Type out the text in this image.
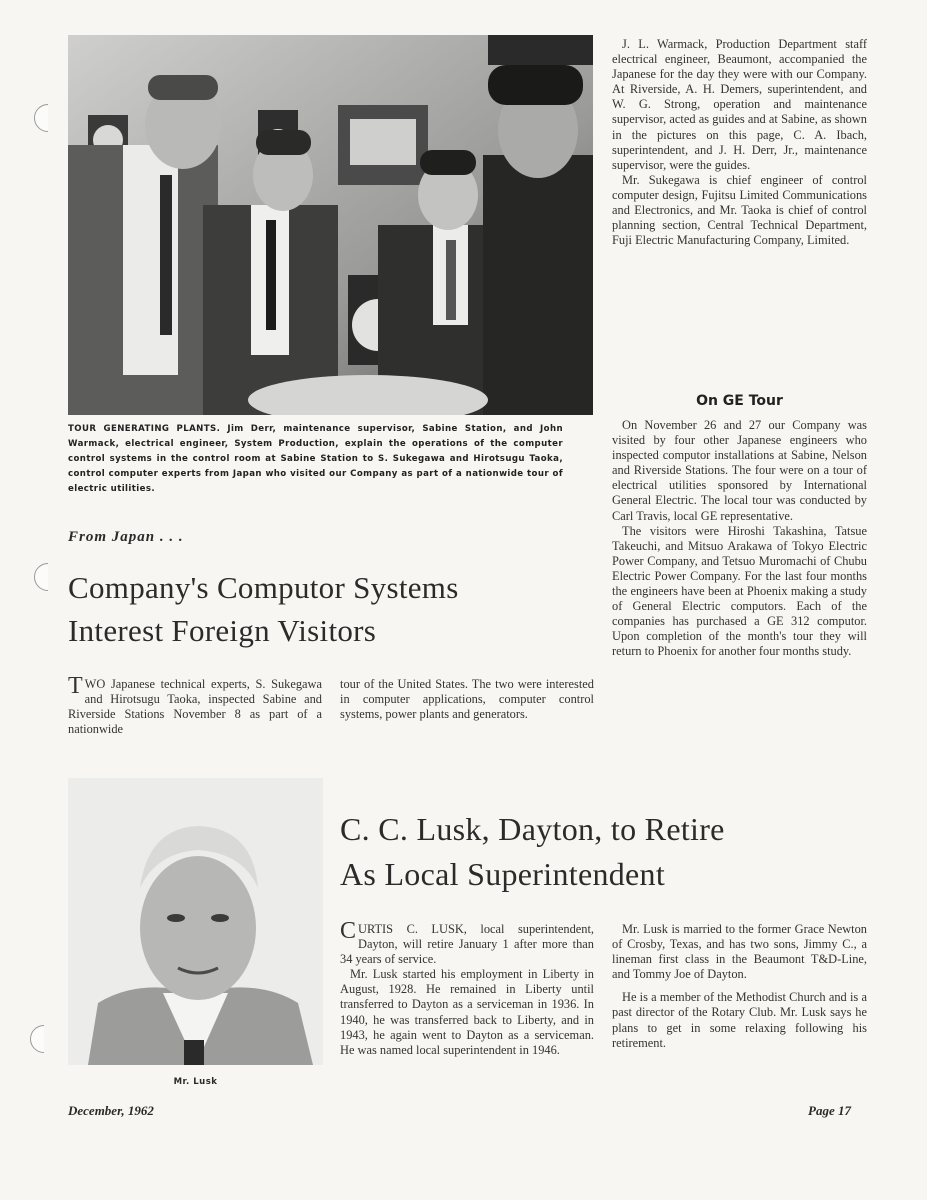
TOUR GENERATING PLANTS. Jim Derr, maintenance supervisor, Sabine Station, and John Warmack, electrical engineer, System Production, explain the operations of the computer control systems in the control room at Sabine Station to S. Sukegawa and Hirotsugu Taoka, control computer experts from Japan who visited our Company as part of a nationwide tour of electric utilities.

J. L. Warmack, Production Department staff electrical engineer, Beaumont, accompanied the Japanese for the day they were with our Company. At Riverside, A. H. Demers, superintendent, and W. G. Strong, operation and maintenance supervisor, acted as guides and at Sabine, as shown in the pictures on this page, C. A. Ibach, superintendent, and J. H. Derr, Jr., maintenance supervisor, were the guides.

Mr. Sukegawa is chief engineer of control computer design, Fujitsu Limited Communications and Electronics, and Mr. Taoka is chief of control planning section, Central Technical Department, Fuji Electric Manufacturing Company, Limited.

On GE Tour

On November 26 and 27 our Company was visited by four other Japanese engineers who inspected computor installations at Sabine, Nelson and Riverside Stations. The four were on a tour of electrical utilities sponsored by International General Electric. The local tour was conducted by Carl Travis, local GE representative.

The visitors were Hiroshi Takashina, Tatsue Takeuchi, and Mitsuo Arakawa of Tokyo Electric Power Company, and Tetsuo Muromachi of Chubu Electric Power Company. For the last four months the engineers have been at Phoenix making a study of General Electric computors. Each of the companies has purchased a GE 312 computor. Upon completion of the month's tour they will return to Phoenix for another four months study.

From Japan . . .
Company's Computor Systems
Interest Foreign Visitors

TWO Japanese technical experts, S. Sukegawa and Hirotsugu Taoka, inspected Sabine and Riverside Stations November 8 as part of a nationwide

tour of the United States. The two were interested in computer applications, computer control systems, power plants and generators.

Mr. Lusk
C. C. Lusk, Dayton, to Retire
As Local Superintendent

CURTIS C. LUSK, local superintendent, Dayton, will retire January 1 after more than 34 years of service.

Mr. Lusk started his employment in Liberty in August, 1928. He remained in Liberty until transferred to Dayton as a serviceman in 1936. In 1940, he was transferred back to Liberty, and in 1943, he again went to Dayton as a serviceman. He was named local superintendent in 1946.

Mr. Lusk is married to the former Grace Newton of Crosby, Texas, and has two sons, Jimmy C., a lineman first class in the Beaumont T&D-Line, and Tommy Joe of Dayton.

He is a member of the Methodist Church and is a past director of the Rotary Club. Mr. Lusk says he plans to get in some relaxing following his retirement.

December, 1962	Page 17
